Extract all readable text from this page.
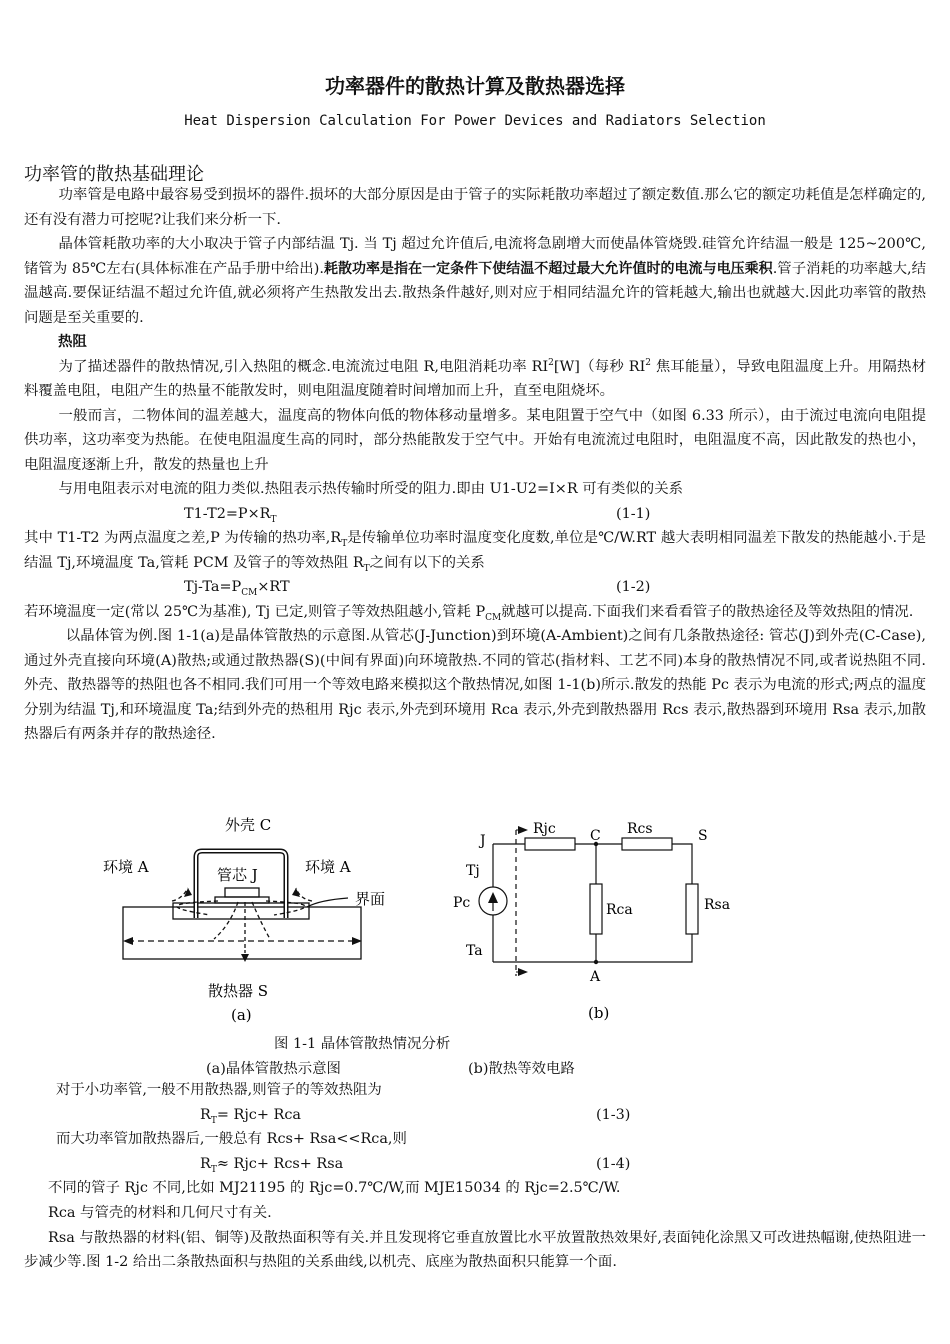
功率器件的散热计算及散热器选择
Heat Dispersion Calculation For Power Devices and Radiators Selection
功率管的散热基础理论

功率管是电路中最容易受到损坏的器件.损坏的大部分原因是由于管子的实际耗散功率超过了额定数值.那么它的额定功耗值是怎样确定的,还有没有潜力可挖呢?让我们来分析一下.

晶体管耗散功率的大小取决于管子内部结温 Tj. 当 Tj 超过允许值后,电流将急剧增大而使晶体管烧毁.硅管允许结温一般是 125~200℃,锗管为 85℃左右(具体标准在产品手册中给出).耗散功率是指在一定条件下使结温不超过最大允许值时的电流与电压乘积.管子消耗的功率越大,结温越高.要保证结温不超过允许值,就必须将产生热散发出去.散热条件越好,则对应于相同结温允许的管耗越大,输出也就越大.因此功率管的散热问题是至关重要的.

热阻

为了描述器件的散热情况,引入热阻的概念.电流流过电阻 R,电阻消耗功率 $RI^2[W]$（每秒 $RI^2$ 焦耳能量），导致电阻温度上升。用隔热材料覆盖电阻，电阻产生的热量不能散发时，则电阻温度随着时间增加而上升，直至电阻烧坏。

一般而言，二物体间的温差越大，温度高的物体向低的物体移动量增多。某电阻置于空气中（如图 6.33 所示），由于流过电流向电阻提供功率，这功率变为热能。在使电阻温度生高的同时，部分热能散发于空气中。开始有电流流过电阻时，电阻温度不高，因此散发的热也小，电阻温度逐渐上升，散发的热量也上升

与用电阻表示对电流的阻力类似.热阻表示热传输时所受的阻力.即由 U1-U2=I×R 可有类似的关系

$T1-T2=P\times R_T$	(1-1)

其中 T1-T2 为两点温度之差,P 为传输的热功率$,R_T$是传输单位功率时温度变化度数,单位是℃/W.RT 越大表明相同温差下散发的热能越小.于是结温 Tj,环境温度 Ta,管耗 PCM 及管子的等效热阻 $R_T$之间有以下的关系

$Tj-Ta=P_{CM}\times RT$	(1-2)

若环境温度一定(常以 25℃为基准), Tj 已定,则管子等效热阻越小,管耗 $P_{CM}$就越可以提高.下面我们来看看管子的散热途径及等效热阻的情况.

以晶体管为例.图 1-1(a)是晶体管散热的示意图.从管芯(J-Junction)到环境(A-Ambient)之间有几条散热途径: 管芯(J)到外壳(C-Case),通过外壳直接向环境(A)散热;或通过散热器(S)(中间有界面)向环境散热.不同的管芯(指材料、工艺不同)本身的散热情况不同,或者说热阻不同.外壳、散热器等的热阻也各不相同.我们可用一个等效电路来模拟这个散热情况,如图 1-1(b)所示.散发的热能 Pc 表示为电流的形式;两点的温度分别为结温 Tj,和环境温度 Ta;结到外壳的热租用 Rjc 表示,外壳到环境用 Rca 表示,外壳到散热器用 Rcs 表示,散热器到环境用 Rsa 表示,加散热器后有两条并存的散热途径.

外壳 C
环境 A	环境 A
管芯 J
界面
散热器 S
(a)
J
Rjc C Rcs	S
Tj
Pc	Rca	Rsa
Ta
A
(b)
图 1-1 晶体管散热情况分析
(a)晶体管散热示意图	(b)散热等效电路

对于小功率管,一般不用散热器,则管子的等效热阻为

$R_T= Rjc+$ Rca	(1-3)

而大功率管加散热器后,一般总有 Rcs+ Rsa<<Rca,则

$R_T\approx Rjc+ Rcs+$ Rsa	(1-4)

不同的管子 Rjc 不同,比如 MJ21195 的 Rjc=0.7℃/W,而 MJE15034 的 Rjc=2.5℃/W.

Rca 与管壳的材料和几何尺寸有关.

Rsa 与散热器的材料(铝、铜等)及散热面积等有关.并且发现将它垂直放置比水平放置散热效果好,表面钝化涂黑又可改进热幅谢,使热阻进一步减少等.图 1-2 给出二条散热面积与热阻的关系曲线,以机壳、底座为散热面积只能算一个面.
